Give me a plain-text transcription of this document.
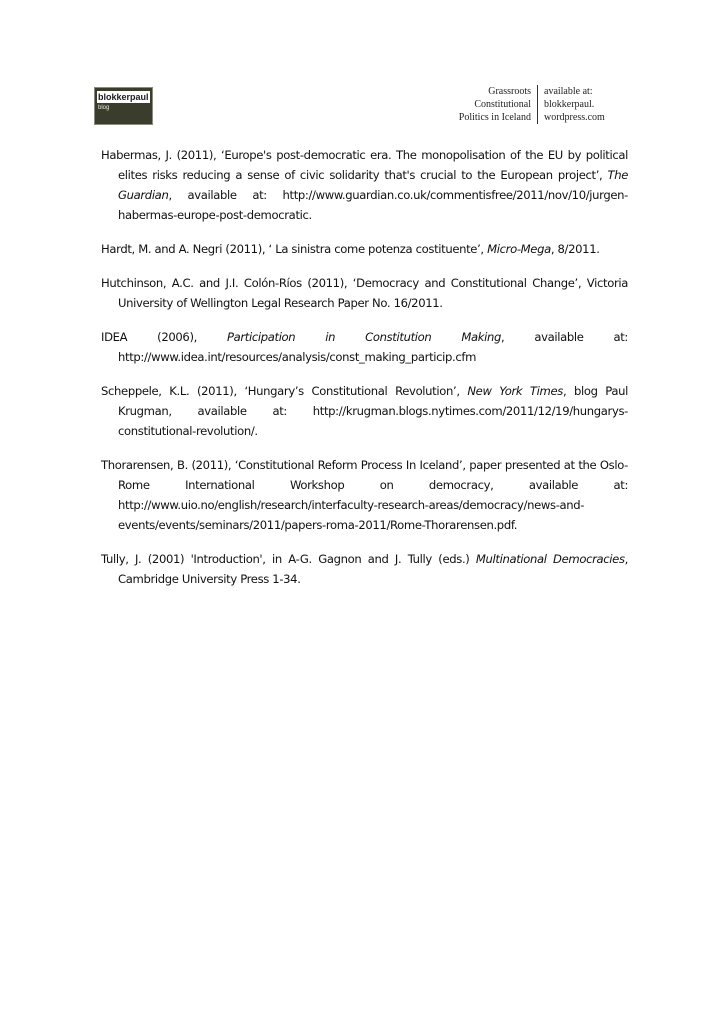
blokkerpaul
blog
Grassroots
Constitutional
Politics in Iceland
available at:
blokkerpaul.
wordpress.com

Habermas, J. (2011), ‘Europe's post-democratic era. The monopolisation of the EU by political elites risks reducing a sense of civic solidarity that's crucial to the European project’, The Guardian, available at: http://www.guardian.co.uk/commentisfree/2011/nov/10/jurgen-habermas-europe-post-democratic.

Hardt, M. and A. Negri (2011), ‘ La sinistra come potenza costituente’, Micro-Mega, 8/2011.

Hutchinson, A.C. and J.I. Colón-Ríos (2011), ‘Democracy and Constitutional Change’, Victoria University of Wellington Legal Research Paper No. 16/2011.

IDEA (2006), Participation in Constitution Making, available at: http://www.idea.int/resources/analysis/const_making_particip.cfm

Scheppele, K.L. (2011), ‘Hungary’s Constitutional Revolution’, New York Times, blog Paul Krugman, available at: http://krugman.blogs.nytimes.com/2011/12/19/hungarys-constitutional-revolution/.

Thorarensen, B. (2011), ‘Constitutional Reform Process In Iceland’, paper presented at the Oslo-Rome International Workshop on democracy, available at: http://www.uio.no/english/research/interfaculty-research-areas/democracy/news-and-events/events/seminars/2011/papers-roma-2011/Rome-Thorarensen.pdf.

Tully, J. (2001) 'Introduction', in A-G. Gagnon and J. Tully (eds.) Multinational Democracies, Cambridge University Press 1-34.
